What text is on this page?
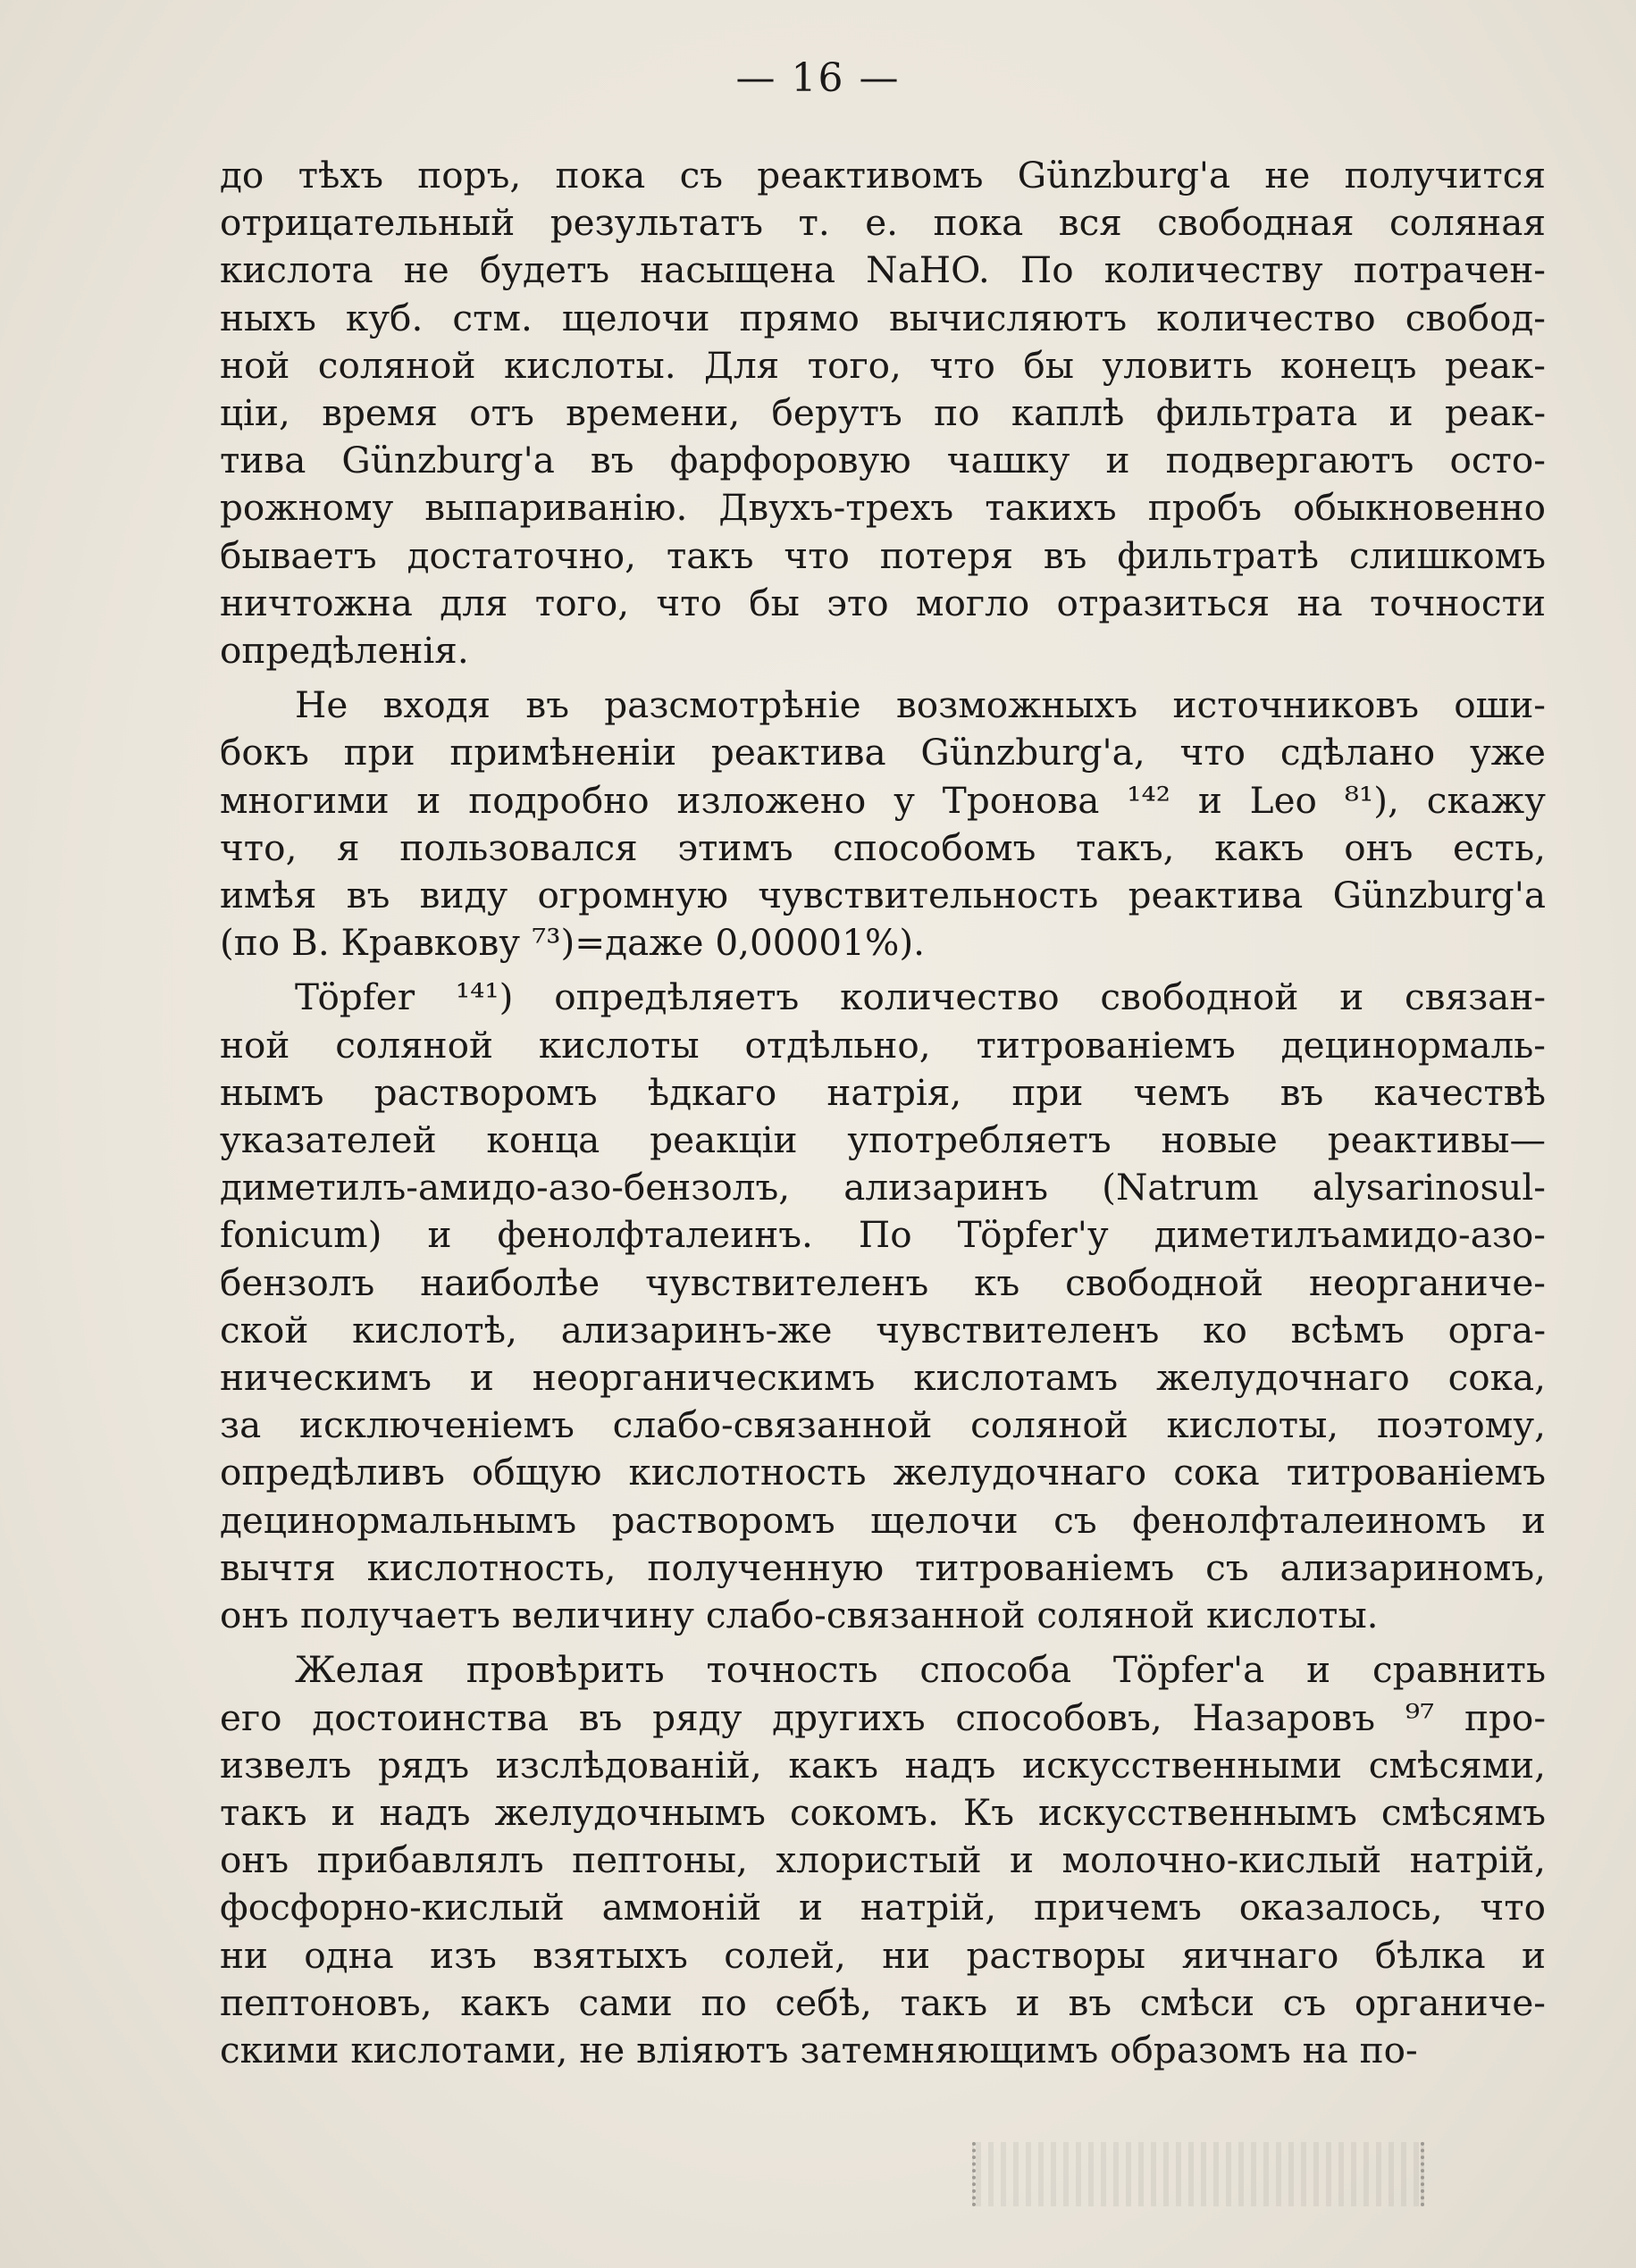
— 16 —
до тѣхъ поръ, пока съ реактивомъ Günzburg'а не получится
отрицательный результатъ т. е. пока вся свободная соляная
кислота не будетъ насыщена NaHO. По количеству потрачен-
ныхъ куб. стм. щелочи прямо вычисляютъ количество свобод-
ной соляной кислоты. Для того, что бы уловить конецъ реак-
ціи, время отъ времени, берутъ по каплѣ фильтрата и реак-
тива Günzburg'а въ фарфоровую чашку и подвергаютъ осто-
рожному выпариванію. Двухъ-трехъ такихъ пробъ обыкновенно
бываетъ достаточно, такъ что потеря въ фильтратѣ слишкомъ
ничтожна для того, что бы это могло отразиться на точности
опредѣленія.
Не входя въ разсмотрѣніе возможныхъ источниковъ оши-
бокъ при примѣненіи реактива Günzburg'а, что сдѣлано уже
многими и подробно изложено у Тронова ¹⁴² и Leo ⁸¹), скажу
что, я пользовался этимъ способомъ такъ, какъ онъ есть,
имѣя въ виду огромную чувствительность реактива Günzburg'а
(по В. Кравкову ⁷³)=даже 0,00001%).
Töpfer ¹⁴¹) опредѣляетъ количество свободной и связан-
ной соляной кислоты отдѣльно, титрованіемъ децинормаль-
нымъ растворомъ ѣдкаго натрія, при чемъ въ качествѣ
указателей конца реакціи употребляетъ новые реактивы—
диметилъ-амидо-азо-бензолъ, ализаринъ (Natrum alysarinosul-
fonicum) и фенолфталеинъ. По Töpfer'у диметилъамидо-азо-
бензолъ наиболѣе чувствителенъ къ свободной неорганиче-
ской кислотѣ, ализаринъ-же чувствителенъ ко всѣмъ орга-
ническимъ и неорганическимъ кислотамъ желудочнаго сока,
за исключеніемъ слабо-связанной соляной кислоты, поэтому,
опредѣливъ общую кислотность желудочнаго сока титрованіемъ
децинормальнымъ растворомъ щелочи съ фенолфталеиномъ и
вычтя кислотность, полученную титрованіемъ съ ализариномъ,
онъ получаетъ величину слабо-связанной соляной кислоты.
Желая провѣрить точность способа Töpfer'а и сравнить
его достоинства въ ряду другихъ способовъ, Назаровъ ⁹⁷ про-
извелъ рядъ изслѣдованій, какъ надъ искусственными смѣсями,
такъ и надъ желудочнымъ сокомъ. Къ искусственнымъ смѣсямъ
онъ прибавлялъ пептоны, хлористый и молочно-кислый натрій,
фосфорно-кислый аммоній и натрій, причемъ оказалось, что
ни одна изъ взятыхъ солей, ни растворы яичнаго бѣлка и
пептоновъ, какъ сами по себѣ, такъ и въ смѣси съ органиче-
скими кислотами, не вліяютъ затемняющимъ образомъ на по-
